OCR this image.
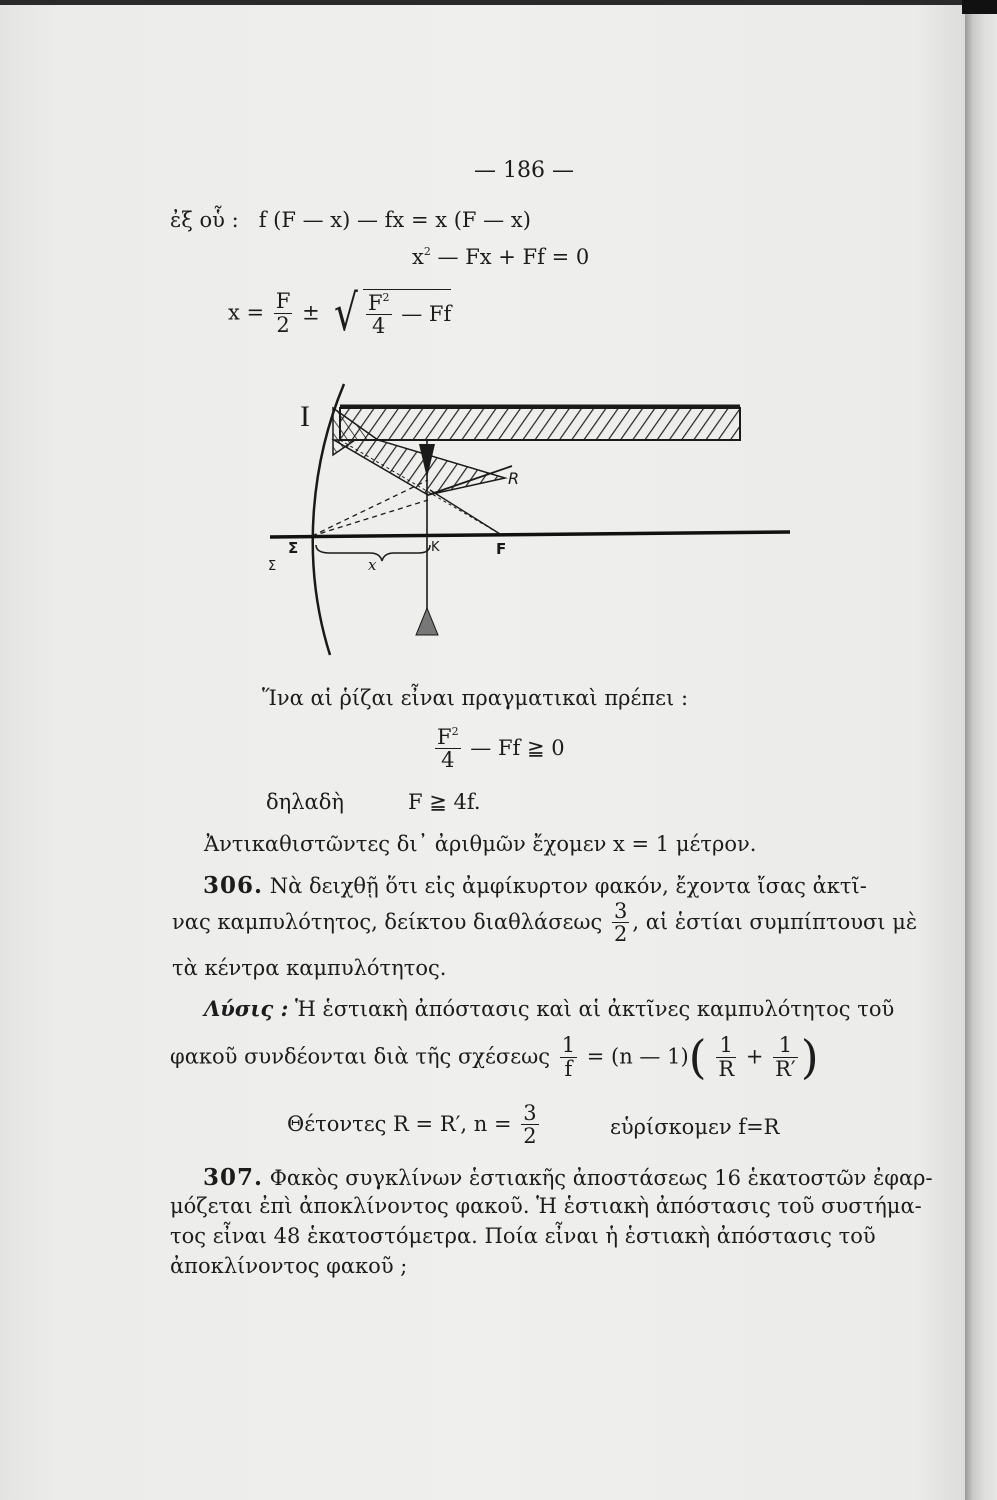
— 186 —
ἐξ οὗ : f (F — x) — fx = x (F — x)
$x^2$ — Fx + Ff = 0
$x = \frac{F}{2}$ ± √ $\frac{F^2}{4}$ — Ff
I
R
Σ
Σ
K	F
x
Ἵνα αἱ ῥίζαι εἶναι πραγματικαὶ πρέπει :
$\frac{F^2}{4}$ — Ff ≧ 0
δηλαδὴ	F ≧ 4f.
Ἀντικαθιστῶντες δι᾽ ἀριθμῶν ἔχομεν x = 1 μέτρον.
306. Νὰ δειχθῇ ὅτι εἰς ἀμφίκυρτον φακόν, ἔχοντα ἴσας ἀκτῖ-
νας καμπυλότητος, δείκτου διαθλάσεως $\frac{3}{2}$ , αἱ ἑστίαι συμπίπτουσι μὲ
τὰ κέντρα καμπυλότητος.
Λύσις : Ἡ ἑστιακὴ ἀπόστασις καὶ αἱ ἀκτῖνες καμπυλότητος τοῦ
φακοῦ συνδέονται διὰ τῆς σχέσεως $\frac{1}{f} = (n$ — $1)( \frac{1}{R} + \frac{1}{R'}$ )
Θέτοντες R = R′, $n = \frac{3}{2}$	εὑρίσκομεν f=R
307. Φακὸς συγκλίνων ἑστιακῆς ἀποστάσεως 16 ἑκατοστῶν ἐφαρ-
μόζεται ἐπὶ ἀποκλίνοντος φακοῦ. Ἡ ἑστιακὴ ἀπόστασις τοῦ συστήμα-
τος εἶναι 48 ἑκατοστόμετρα. Ποία εἶναι ἡ ἑστιακὴ ἀπόστασις τοῦ
ἀποκλίνοντος φακοῦ ;
